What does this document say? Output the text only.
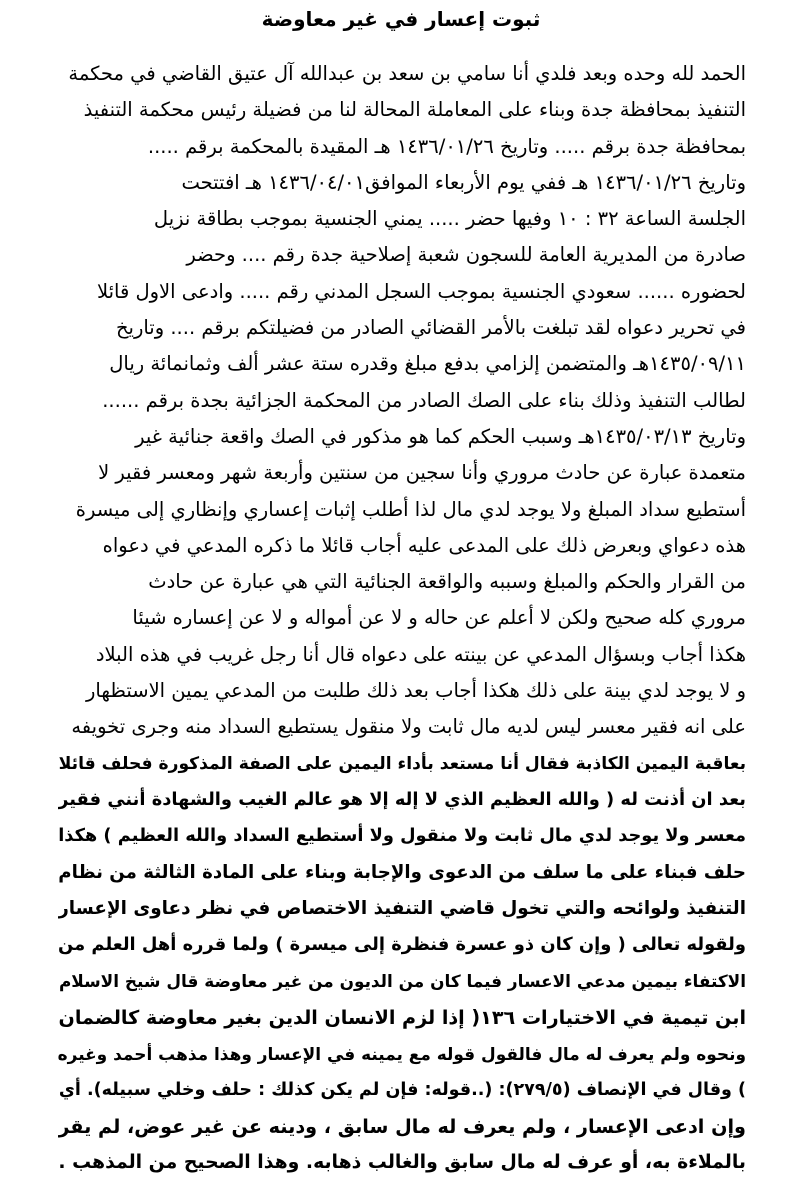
ثبوت إعسار في غير معاوضة
الحمد لله وحده وبعد فلدي أنا سامي بن سعد بن عبدالله آل عتيق القاضي في محكمة
التنفيذ بمحافظة جدة وبناء على المعاملة المحالة لنا من فضيلة رئيس محكمة التنفيذ
بمحافظة جدة برقم ..... وتاريخ ١٤٣٦/٠١/٢٦ هـ المقيدة بالمحكمة برقم .....
وتاريخ ١٤٣٦/٠١/٢٦ هـ ففي يوم الأربعاء الموافق١٤٣٦/٠٤/٠١ هـ افتتحت
الجلسة الساعة ٣٢ : ١٠ وفيها حضر ..... يمني الجنسية بموجب بطاقة نزيل
صادرة من المديرية العامة للسجون شعبة إصلاحية جدة رقم .... وحضر
لحضوره ...... سعودي الجنسية بموجب السجل المدني رقم ..... وادعى الاول قائلا
في تحرير دعواه لقد تبلغت بالأمر القضائي الصادر من فضيلتكم برقم .... وتاريخ
١٤٣٥/٠٩/١١هـ والمتضمن إلزامي بدفع مبلغ وقدره ستة عشر ألف وثمانمائة ريال
لطالب التنفيذ وذلك بناء على الصك الصادر من المحكمة الجزائية بجدة برقم ......
وتاريخ ١٤٣٥/٠٣/١٣هـ وسبب الحكم كما هو مذكور في الصك واقعة جنائية غير
متعمدة عبارة عن حادث مروري وأنا سجين من سنتين وأربعة شهر ومعسر فقير لا
أستطيع سداد المبلغ ولا يوجد لدي مال لذا أطلب إثبات إعساري وإنظاري إلى ميسرة
هذه دعواي وبعرض ذلك على المدعى عليه أجاب قائلا ما ذكره المدعي في دعواه
من القرار والحكم والمبلغ وسببه والواقعة الجنائية التي هي عبارة عن حادث
مروري كله صحيح ولكن لا أعلم عن حاله و لا عن أمواله و لا عن إعساره شيئا
هكذا أجاب وبسؤال المدعي عن بينته على دعواه قال أنا رجل غريب في هذه البلاد
و لا يوجد لدي بينة على ذلك هكذا أجاب بعد ذلك طلبت من المدعي يمين الاستظهار
على انه فقير معسر ليس لديه مال ثابت ولا منقول يستطيع السداد منه وجرى تخويفه
بعاقبة اليمين الكاذبة فقال أنا مستعد بأداء اليمين على الصفة المذكورة فحلف قائلا
بعد ان أذنت له ( والله العظيم الذي لا إله إلا هو عالم الغيب والشهادة أنني فقير
معسر ولا يوجد لدي مال ثابت ولا منقول ولا أستطيع السداد والله العظيم ) هكذا
حلف فبناء على ما سلف من الدعوى والإجابة وبناء على المادة الثالثة من نظام
التنفيذ ولوائحه والتي تخول قاضي التنفيذ الاختصاص في نظر دعاوى الإعسار
ولقوله تعالى ( وإن كان ذو عسرة فنظرة إلى ميسرة ) ولما قرره أهل العلم من
الاكتفاء بيمين مدعي الاعسار فيما كان من الديون من غير معاوضة قال شيخ الاسلام
ابن تيمية في الاختيارات ١٣٦( إذا لزم الانسان الدين بغير معاوضة كالضمان
ونحوه ولم يعرف له مال فالقول قوله مع يمينه في الإعسار وهذا مذهب أحمد وغيره
) وقال في الإنصاف (٢٧٩/٥): (..قوله: فإن لم يكن كذلك : حلف وخلي سبيله). أي
وإن ادعى الإعسار ، ولم يعرف له مال سابق ، ودينه عن غير عوض، لم يقر
بالملاءة به، أو عرف له مال سابق والغالب ذهابه. وهذا الصحيح من المذهب .
